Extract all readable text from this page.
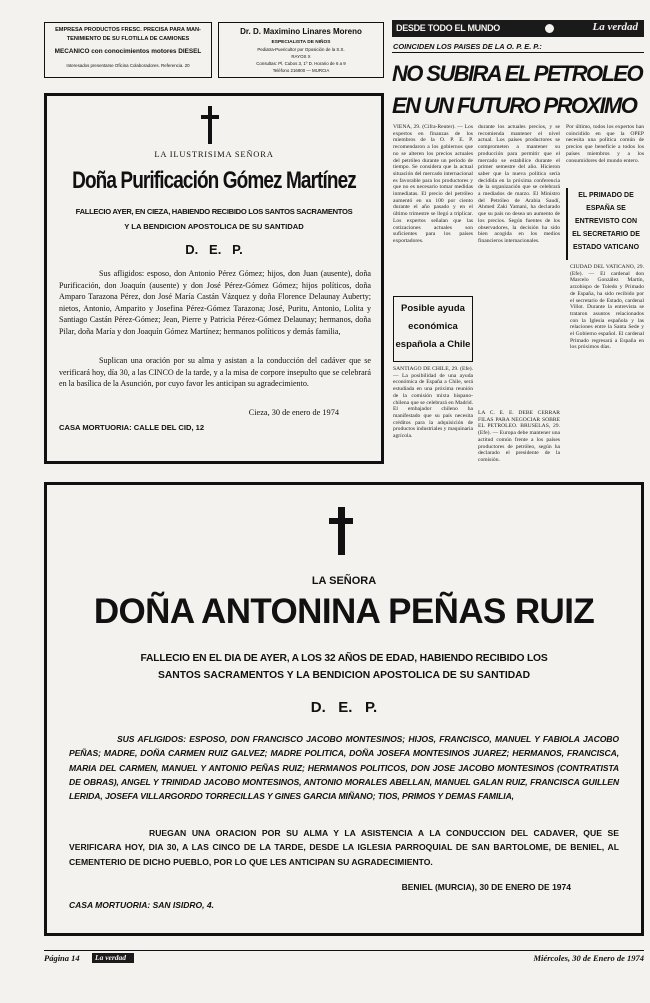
EMPRESA PRODUCTOS FRESC. PRECISA PARA MAN-
TENIMIENTO DE SU FLOTILLA DE CAMIONES
MECANICO con conocimientos motores DIESEL
Interesados presentarse Oficina Colaboradores. Referencia. 20
Dr. D. Maximino Linares Moreno
ESPECIALISTA DE NIÑOS
Pediatra-Puericultor por Oposición de la S.S.
RAYOS X
Consultas: Pl. Cubos 3, 1º D. Horario de 6 a 9
Teléfono 216900 — MURCIA
DESDE TODO EL MUNDO	La verdad
COINCIDEN LOS PAISES DE LA O. P. E. P.:
NO SUBIRA EL PETROLEO
EN UN FUTURO PROXIMO
VIENA, 29. (Cifra-Reuter). — Los expertos en finanzas de los miembros de la O. P. E. P. recomendaron a los gobiernos que no se alteren los precios actuales del petróleo durante un período de tiempo. Se considera que la actual situación del mercado internacional es favorable para los productores y que no es necesario tomar medidas inmediatas. El precio del petróleo aumentó en un 100 por ciento durante el año pasado y en el último trimestre se llegó a triplicar. Los expertos señalan que las cotizaciones actuales son suficientes para los países exportadores.
durante los actuales precios, y se recomienda mantener el nivel actual. Los países productores se comprometen a mantener su producción para permitir que el mercado se estabilice durante el primer semestre del año. Hicieron saber que la nueva política sería decidida en la próxima conferencia de la organización que se celebrará a mediados de marzo. El Ministro del Petróleo de Arabia Saudí, Ahmed Zaki Yamani, ha declarado que su país no desea un aumento de los precios. Según fuentes de los observadores, la decisión ha sido bien acogida en los medios financieros internacionales.
Por último, todos los expertos han coincidido en que la OPEP necesita una política común de precios que beneficie a todos los países miembros y a los consumidores del mundo entero.
Posible ayuda
económica
española a Chile
SANTIAGO DE CHILE, 29. (Efe). — La posibilidad de una ayuda económica de España a Chile, será estudiada en una próxima reunión de la comisión mixta hispano-chilena que se celebrará en Madrid. El embajador chileno ha manifestado que su país necesita créditos para la adquisición de productos industriales y maquinaria agrícola.
LA C. E. E. DEBE CERRAR FILAS PARA NEGOCIAR SOBRE EL PETROLEO. BRUSELAS, 29. (Efe). — Europa debe mantener una actitud común frente a los países productores de petróleo, según ha declarado el presidente de la comisión.
EL PRIMADO DE
ESPAÑA SE
ENTREVISTO CON
EL SECRETARIO DE
ESTADO VATICANO
CIUDAD DEL VATICANO, 29. (Efe). — El cardenal don Marcelo González Martín, arzobispo de Toledo y Primado de España, ha sido recibido por el secretario de Estado, cardenal Villot. Durante la entrevista se trataron asuntos relacionados con la Iglesia española y las relaciones entre la Santa Sede y el Gobierno español. El cardenal Primado regresará a España en los próximos días.
LA ILUSTRISIMA SEÑORA
Doña Purificación Gómez Martínez
FALLECIO AYER, EN CIEZA, HABIENDO RECIBIDO LOS SANTOS SACRAMENTOS
Y LA BENDICION APOSTOLICA DE SU SANTIDAD
D.   E.   P.
Sus afligidos: esposo, don Antonio Pérez Gómez; hijos, don Juan (ausente), doña Purificación, don Joaquín (ausente) y don José Pérez-Gómez Gómez; hijos políticos, doña Amparo Tarazona Pérez, don José María Castán Vázquez y doña Florence Delaunay Auberty; nietos, Antonio, Amparito y Josefina Pérez-Gómez Tarazona; José, Puritu, Antonio, Lolita y Santiago Castán Pérez-Gómez; Jean, Pierre y Patricia Pérez-Gómez Delaunay; hermanos, doña Pilar, doña María y don Joaquín Gómez Martínez; hermanos políticos y demás familia,
Suplican una oración por su alma y asistan a la conducción del cadáver que se verificará hoy, día 30, a las CINCO de la tarde, y a la misa de corpore insepulto que se celebrará en la basílica de la Asunción, por cuyo favor les anticipan su agradecimiento.
Cieza, 30 de enero de 1974
CASA MORTUORIA: CALLE DEL CID, 12
LA SEÑORA
DOÑA ANTONINA PEÑAS RUIZ
FALLECIO EN EL DIA DE AYER, A LOS 32 AÑOS DE EDAD, HABIENDO RECIBIDO LOS
SANTOS SACRAMENTOS Y LA BENDICION APOSTOLICA DE SU SANTIDAD
D.   E.   P.
SUS AFLIGIDOS: ESPOSO, DON FRANCISCO JACOBO MONTESINOS; HIJOS, FRANCISCO, MANUEL Y FABIOLA JACOBO PEÑAS; MADRE, DOÑA CARMEN RUIZ GALVEZ; MADRE POLITICA, DOÑA JOSEFA MONTESINOS JUAREZ; HERMANOS, FRANCISCA, MARIA DEL CARMEN, MANUEL Y ANTONIO PEÑAS RUIZ; HERMANOS POLITICOS, DON JOSE JACOBO MONTESINOS (CONTRATISTA DE OBRAS), ANGEL Y TRINIDAD JACOBO MONTESINOS, ANTONIO MORALES ABELLAN, MANUEL GALAN RUIZ, FRANCISCA GUILLEN LERIDA, JOSEFA VILLARGORDO TORRECILLAS Y GINES GARCIA MIÑANO; TIOS, PRIMOS Y DEMAS FAMILIA,
RUEGAN UNA ORACION POR SU ALMA Y LA ASISTENCIA A LA CONDUCCION DEL CADAVER, QUE SE VERIFICARA HOY, DIA 30, A LAS CINCO DE LA TARDE, DESDE LA IGLESIA PARROQUIAL DE SAN BARTOLOME, DE BENIEL, AL CEMENTERIO DE DICHO PUEBLO, POR LO QUE LES ANTICIPAN SU AGRADECIMIENTO.
BENIEL (MURCIA), 30 DE ENERO DE 1974
CASA MORTUORIA: SAN ISIDRO, 4.
Página 14 La verdad	Miércoles, 30 de Enero de 1974
